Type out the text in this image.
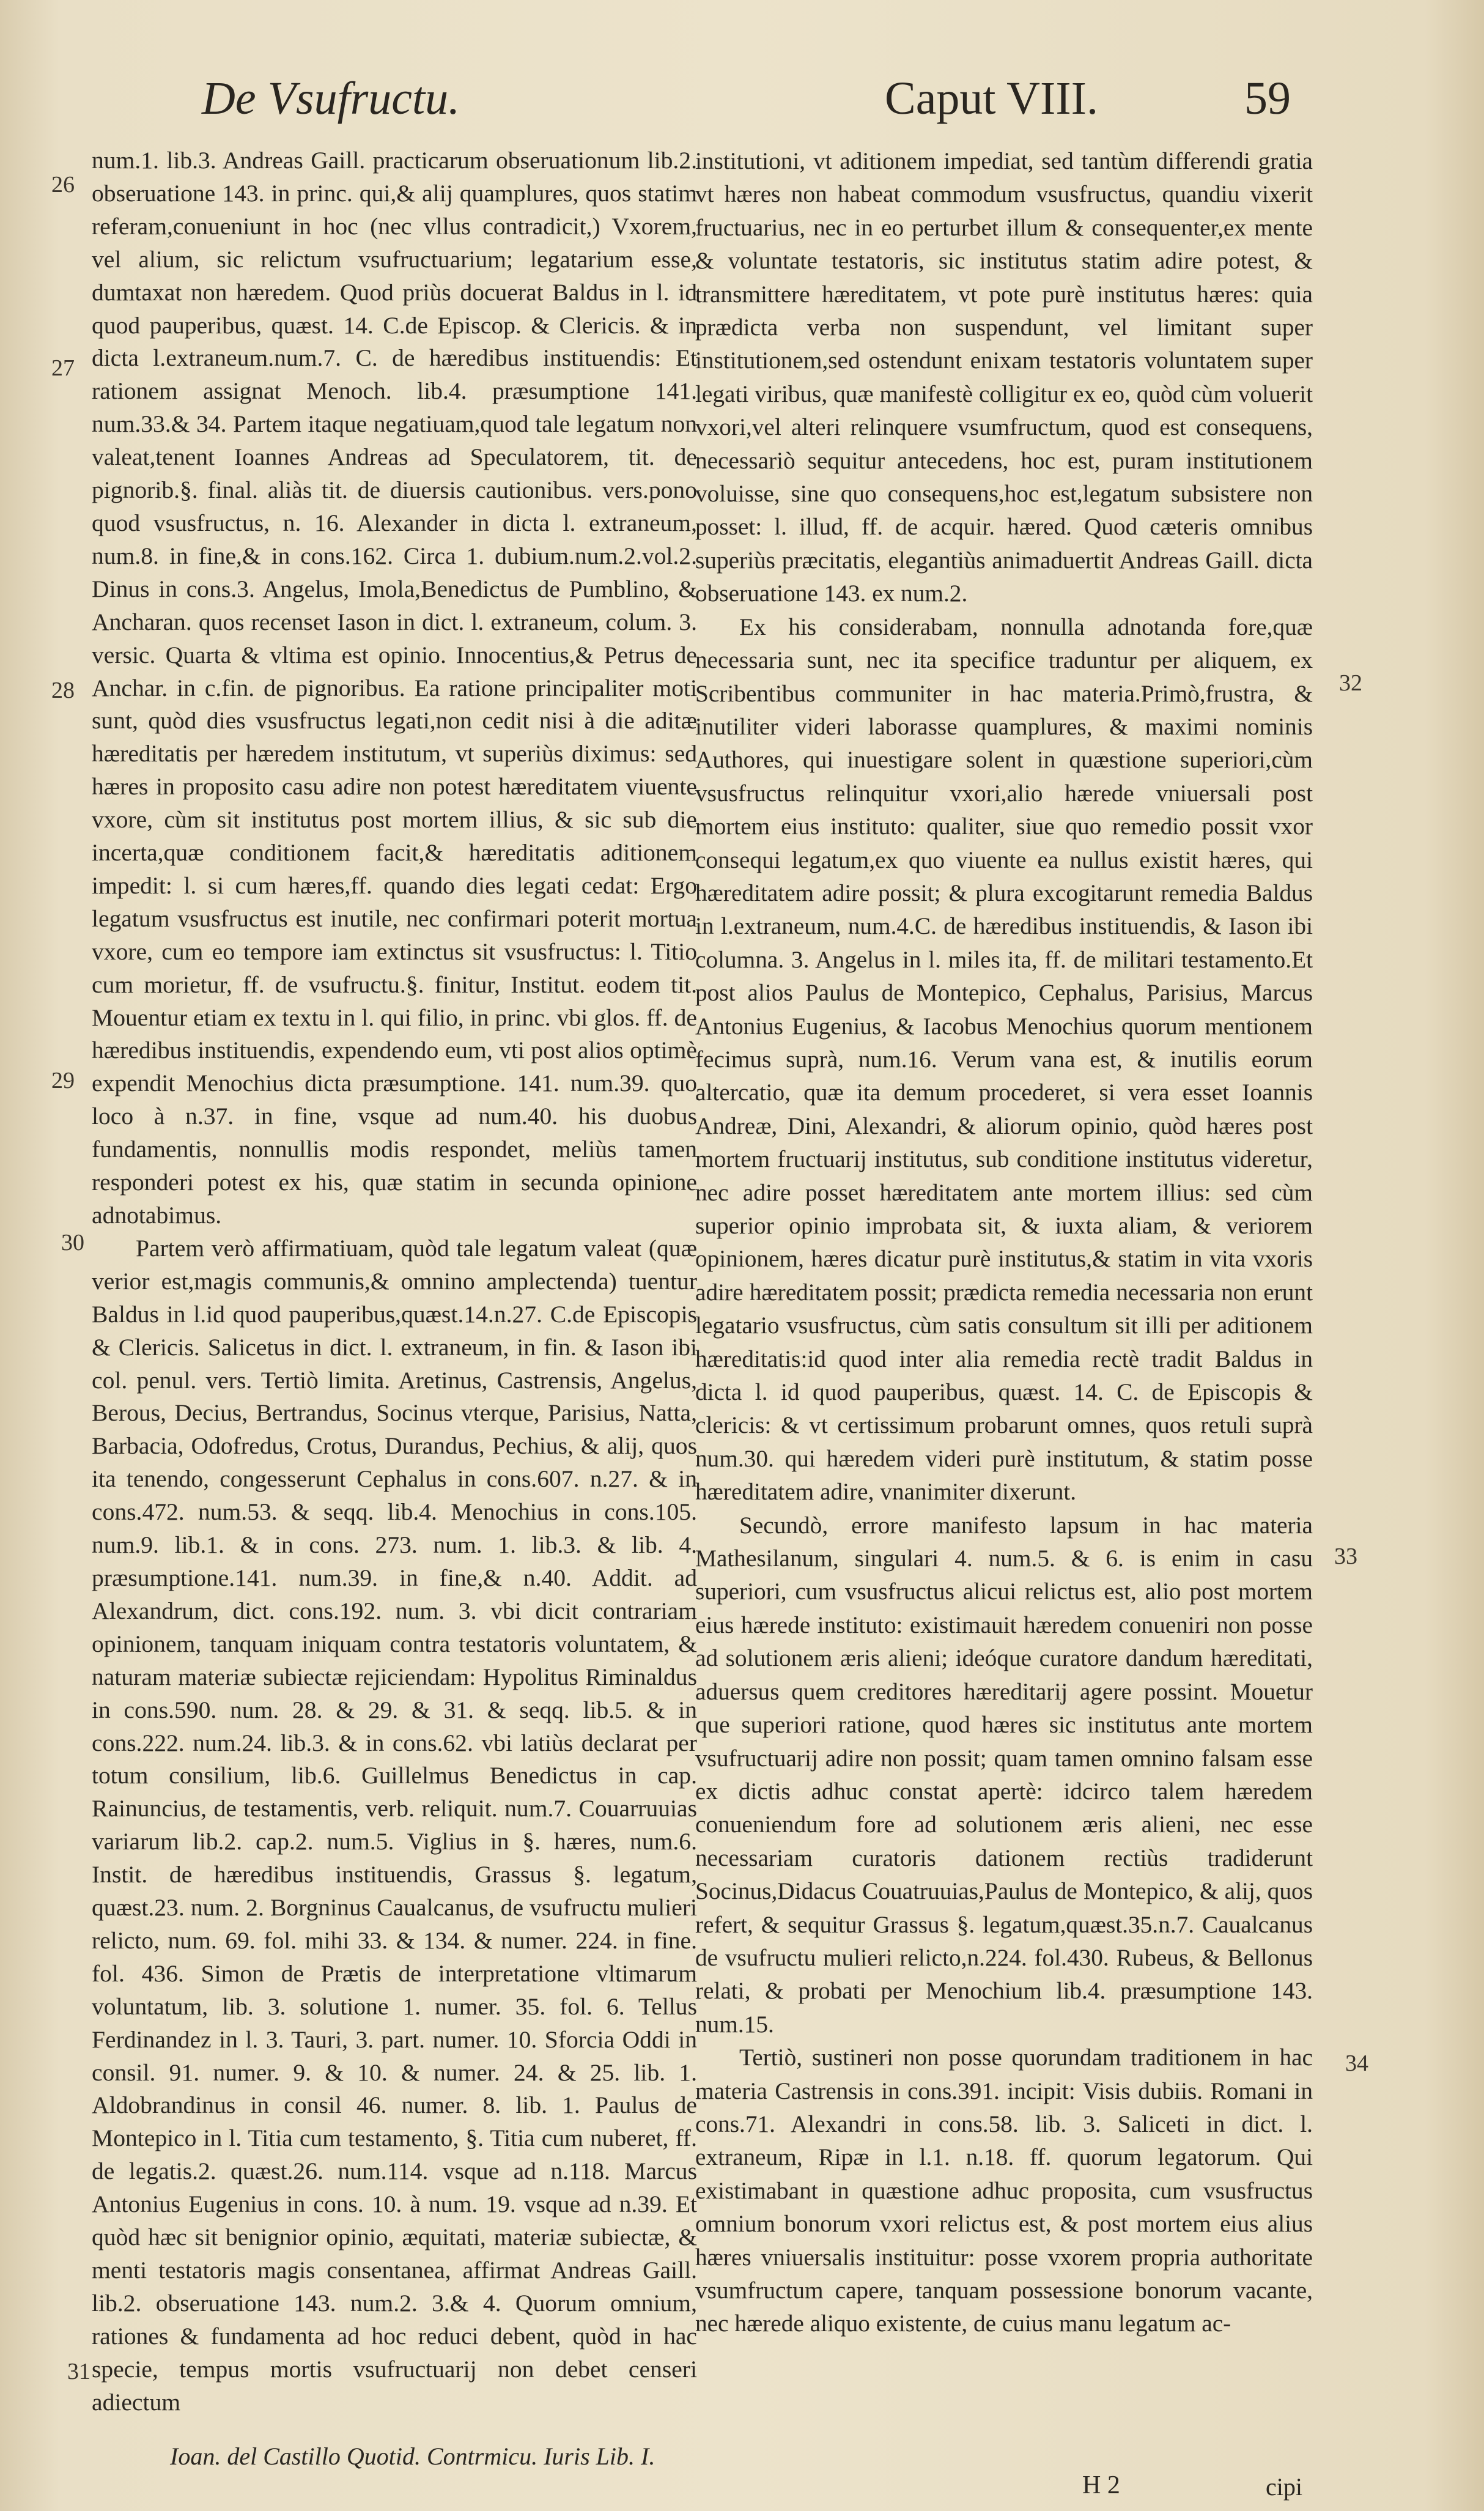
De Vsufructu.	Caput VIII.	59
26
27
28
29
30
31
32
33
34

num.1. lib.3. Andreas Gaill. practicarum obseruationum lib.2. obseruatione 143. in princ. qui,& alij quamplures, quos statim referam,conueniunt in hoc (nec vllus contradicit,) Vxorem, vel alium, sic relictum vsufructuarium; legatarium esse, dumtaxat non hæredem. Quod priùs docuerat Baldus in l. id quod pauperibus, quæst. 14. C.de Episcop. & Clericis. & in dicta l.extraneum.num.7. C. de hæredibus instituendis: Et rationem assignat Menoch. lib.4. præsumptione 141. num.33.& 34. Partem itaque negatiuam,quod tale legatum non valeat,tenent Ioannes Andreas ad Speculatorem, tit. de pignorib.§. final. aliàs tit. de diuersis cautionibus. vers.pono quod vsusfructus, n. 16. Alexander in dicta l. extraneum, num.8. in fine,& in cons.162. Circa 1. dubium.num.2.vol.2. Dinus in cons.3. Angelus, Imola,Benedictus de Pumblino, & Ancharan. quos recenset Iason in dict. l. extraneum, colum. 3. versic. Quarta & vltima est opinio. Innocentius,& Petrus de Anchar. in c.fin. de pignoribus. Ea ratione principaliter moti sunt, quòd dies vsusfructus legati,non cedit nisi à die aditæ hæreditatis per hæredem institutum, vt superiùs diximus: sed hæres in proposito casu adire non potest hæreditatem viuente vxore, cùm sit institutus post mortem illius, & sic sub die incerta,quæ conditionem facit,& hæreditatis aditionem impedit: l. si cum hæres,ff. quando dies legati cedat: Ergo legatum vsusfructus est inutile, nec confirmari poterit mortua vxore, cum eo tempore iam extinctus sit vsusfructus: l. Titio cum morietur, ff. de vsufructu.§. finitur, Institut. eodem tit. Mouentur etiam ex textu in l. qui filio, in princ. vbi glos. ff. de hæredibus instituendis, expendendo eum, vti post alios optimè expendit Menochius dicta præsumptione. 141. num.39. quo loco à n.37. in fine, vsque ad num.40. his duobus fundamentis, nonnullis modis respondet, meliùs tamen responderi potest ex his, quæ statim in secunda opinione adnotabimus.

Partem verò affirmatiuam, quòd tale legatum valeat (quæ verior est,magis communis,& omnino amplectenda) tuentur Baldus in l.id quod pauperibus,quæst.14.n.27. C.de Episcopis & Clericis. Salicetus in dict. l. extraneum, in fin. & Iason ibi col. penul. vers. Tertiò limita. Aretinus, Castrensis, Angelus, Berous, Decius, Bertrandus, Socinus vterque, Parisius, Natta, Barbacia, Odofredus, Crotus, Durandus, Pechius, & alij, quos ita tenendo, congesserunt Cephalus in cons.607. n.27. & in cons.472. num.53. & seqq. lib.4. Menochius in cons.105. num.9. lib.1. & in cons. 273. num. 1. lib.3. & lib. 4. præsumptione.141. num.39. in fine,& n.40. Addit. ad Alexandrum, dict. cons.192. num. 3. vbi dicit contrariam opinionem, tanquam iniquam contra testatoris voluntatem, & naturam materiæ subiectæ rejiciendam: Hypolitus Riminaldus in cons.590. num. 28. & 29. & 31. & seqq. lib.5. & in cons.222. num.24. lib.3. & in cons.62. vbi latiùs declarat per totum consilium, lib.6. Guillelmus Benedictus in cap. Rainuncius, de testamentis, verb. reliquit. num.7. Couarruuias variarum lib.2. cap.2. num.5. Viglius in §. hæres, num.6. Instit. de hæredibus instituendis, Grassus §. legatum, quæst.23. num. 2. Borgninus Caualcanus, de vsufructu mulieri relicto, num. 69. fol. mihi 33. & 134. & numer. 224. in fine. fol. 436. Simon de Prætis de interpretatione vltimarum voluntatum, lib. 3. solutione 1. numer. 35. fol. 6. Tellus Ferdinandez in l. 3. Tauri, 3. part. numer. 10. Sforcia Oddi in consil. 91. numer. 9. & 10. & numer. 24. & 25. lib. 1. Aldobrandinus in consil 46. numer. 8. lib. 1. Paulus de Montepico in l. Titia cum testamento, §. Titia cum nuberet, ff. de legatis.2. quæst.26. num.114. vsque ad n.118. Marcus Antonius Eugenius in cons. 10. à num. 19. vsque ad n.39. Et quòd hæc sit benignior opinio, æquitati, materiæ subiectæ, & menti testatoris magis consentanea, affirmat Andreas Gaill. lib.2. obseruatione 143. num.2. 3.& 4. Quorum omnium, rationes & fundamenta ad hoc reduci debent, quòd in hac specie, tempus mortis vsufructuarij non debet censeri adiectum

institutioni, vt aditionem impediat, sed tantùm differendi gratia vt hæres non habeat commodum vsusfructus, quandiu vixerit fructuarius, nec in eo perturbet illum & consequenter,ex mente & voluntate testatoris, sic institutus statim adire potest, & transmittere hæreditatem, vt pote purè institutus hæres: quia prædicta verba non suspendunt, vel limitant super institutionem,sed ostendunt enixam testatoris voluntatem super legati viribus, quæ manifestè colligitur ex eo, quòd cùm voluerit vxori,vel alteri relinquere vsumfructum, quod est consequens, necessariò sequitur antecedens, hoc est, puram institutionem voluisse, sine quo consequens,hoc est,legatum subsistere non posset: l. illud, ff. de acquir. hæred. Quod cæteris omnibus superiùs præcitatis, elegantiùs animaduertit Andreas Gaill. dicta obseruatione 143. ex num.2.

Ex his considerabam, nonnulla adnotanda fore,quæ necessaria sunt, nec ita specifice traduntur per aliquem, ex Scribentibus communiter in hac materia.Primò,frustra, & inutiliter videri laborasse quamplures, & maximi nominis Authores, qui inuestigare solent in quæstione superiori,cùm vsusfructus relinquitur vxori,alio hærede vniuersali post mortem eius instituto: qualiter, siue quo remedio possit vxor consequi legatum,ex quo viuente ea nullus existit hæres, qui hæreditatem adire possit; & plura excogitarunt remedia Baldus in l.extraneum, num.4.C. de hæredibus instituendis, & Iason ibi columna. 3. Angelus in l. miles ita, ff. de militari testamento.Et post alios Paulus de Montepico, Cephalus, Parisius, Marcus Antonius Eugenius, & Iacobus Menochius quorum mentionem fecimus suprà, num.16. Verum vana est, & inutilis eorum altercatio, quæ ita demum procederet, si vera esset Ioannis Andreæ, Dini, Alexandri, & aliorum opinio, quòd hæres post mortem fructuarij institutus, sub conditione institutus videretur, nec adire posset hæreditatem ante mortem illius: sed cùm superior opinio improbata sit, & iuxta aliam, & veriorem opinionem, hæres dicatur purè institutus,& statim in vita vxoris adire hæreditatem possit; prædicta remedia necessaria non erunt legatario vsusfructus, cùm satis consultum sit illi per aditionem hæreditatis:id quod inter alia remedia rectè tradit Baldus in dicta l. id quod pauperibus, quæst. 14. C. de Episcopis & clericis: & vt certissimum probarunt omnes, quos retuli suprà num.30. qui hæredem videri purè institutum, & statim posse hæreditatem adire, vnanimiter dixerunt.

Secundò, errore manifesto lapsum in hac materia Mathesilanum, singulari 4. num.5. & 6. is enim in casu superiori, cum vsusfructus alicui relictus est, alio post mortem eius hærede instituto: existimauit hæredem conueniri non posse ad solutionem æris alieni; ideóque curatore dandum hæreditati, aduersus quem creditores hæreditarij agere possint. Mouetur que superiori ratione, quod hæres sic institutus ante mortem vsufructuarij adire non possit; quam tamen omnino falsam esse ex dictis adhuc constat apertè: idcirco talem hæredem conueniendum fore ad solutionem æris alieni, nec esse necessariam curatoris dationem rectiùs tradiderunt Socinus,Didacus Couatruuias,Paulus de Montepico, & alij, quos refert, & sequitur Grassus §. legatum,quæst.35.n.7. Caualcanus de vsufructu mulieri relicto,n.224. fol.430. Rubeus, & Bellonus relati, & probati per Menochium lib.4. præsumptione 143. num.15.

Tertiò, sustineri non posse quorundam traditionem in hac materia Castrensis in cons.391. incipit: Visis dubiis. Romani in cons.71. Alexandri in cons.58. lib. 3. Saliceti in dict. l. extraneum, Ripæ in l.1. n.18. ff. quorum legatorum. Qui existimabant in quæstione adhuc proposita, cum vsusfructus omnium bonorum vxori relictus est, & post mortem eius alius hæres vniuersalis instituitur: posse vxorem propria authoritate vsumfructum capere, tanquam possessione bonorum vacante, nec hærede aliquo existente, de cuius manu legatum ac-

Ioan. del Castillo Quotid. Contrmicu. Iuris Lib. I.
H 2	cipi
